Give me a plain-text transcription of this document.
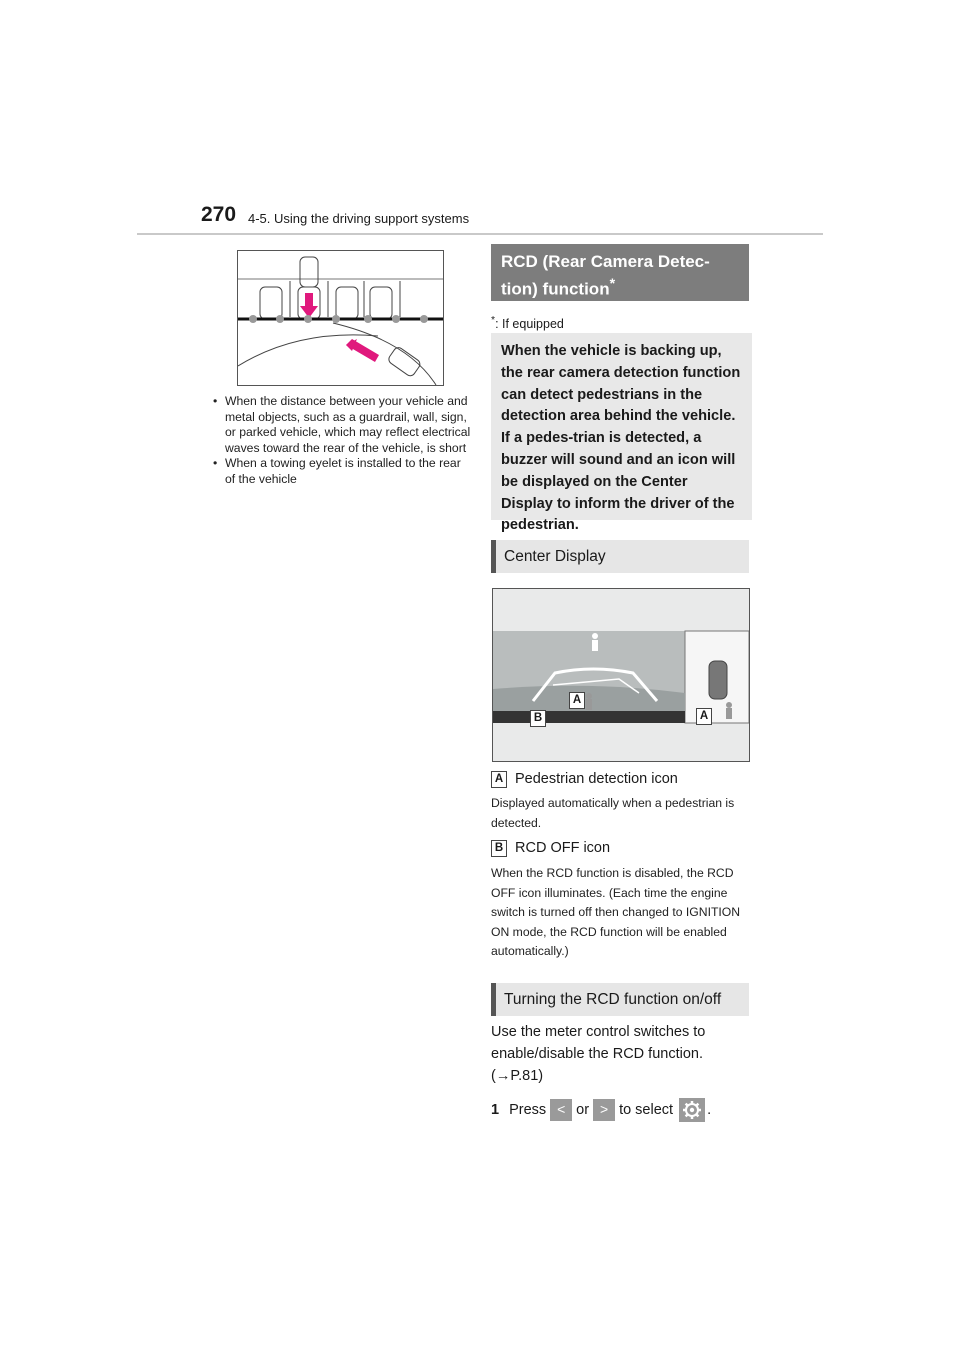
270 4-5. Using the driving support systems
• When the distance between your vehicle and metal objects, such as a guardrail, wall, sign, or parked vehicle, which may reflect electrical waves toward the rear of the vehicle, is short
• When a towing eyelet is installed to the rear of the vehicle
RCD (Rear Camera Detec-
tion) function*
*: If equipped
When the vehicle is backing up, the rear camera detection function can detect pedestrians in the detection area behind the vehicle. If a pedes-trian is detected, a buzzer will sound and an icon will be displayed on the Center Display to inform the driver of the pedestrian.
Center Display
A
B	A
A Pedestrian detection icon
Displayed automatically when a pedestrian is detected.
B RCD OFF icon
When the RCD function is disabled, the RCD OFF icon illuminates. (Each time the engine switch is turned off then changed to IGNITION ON mode, the RCD function will be enabled automatically.)
Turning the RCD function on/off
Use the meter control switches to enable/disable the RCD function. (→P.81)
1 Press < or > to select .
